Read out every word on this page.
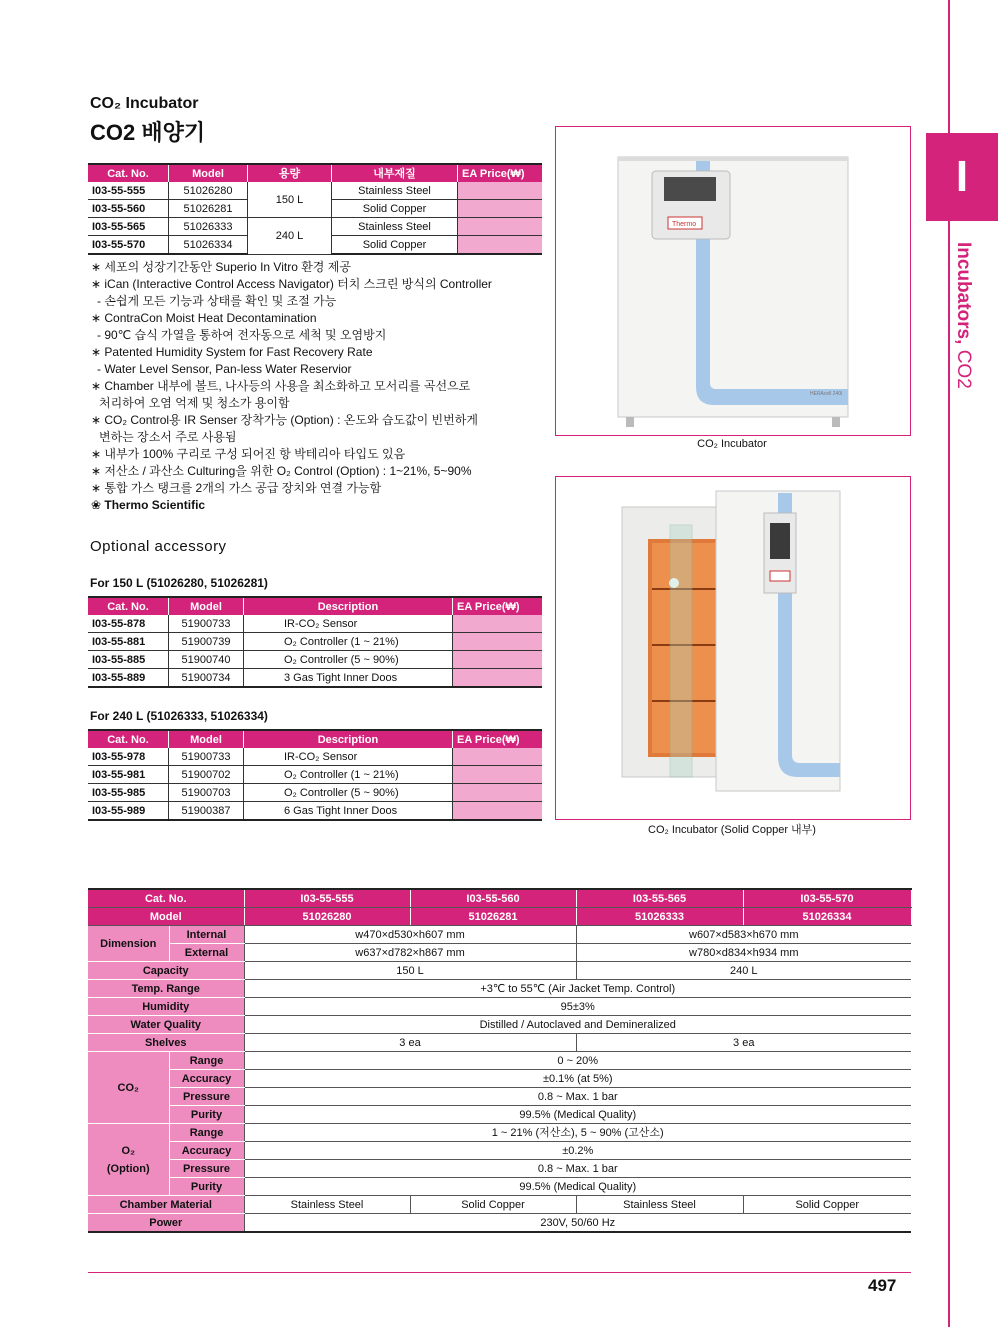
I
Incubators, CO2
CO₂ Incubator
CO2 배양기
Cat. No.	Model	용량	내부재질	EA Price(₩)
I03-55-555	51026280	150 L	Stainless Steel	
I03-55-560	51026281		Solid Copper	
I03-55-565	51026333	240 L	Stainless Steel	
I03-55-570	51026334		Solid Copper	
∗ 세포의 성장기간동안 Superio In Vitro 환경 제공
∗ iCan (Interactive Control Access Navigator) 터치 스크린 방식의 Controller
- 손쉽게 모든 기능과 상태를 확인 및 조절 가능
∗ ContraCon Moist Heat Decontamination
- 90℃ 습식 가열을 통하여 전자동으로 세척 및 오염방지
∗ Patented Humidity System for Fast Recovery Rate
- Water Level Sensor, Pan-less Water Reservior
∗ Chamber 내부에 볼트, 나사등의 사용을 최소화하고 모서리를 곡선으로
처리하여 오염 억제 및 청소가 용이함
∗ CO₂ Control용 IR Senser 장착가능 (Option) : 온도와 습도값이 빈번하게
변하는 장소서 주로 사용됨
∗ 내부가 100% 구리로 구성 되어진 항 박테리아 타입도 있음
∗ 저산소 / 과산소 Culturing을 위한 O₂ Control (Option) : 1~21%, 5~90%
∗ 통합 가스 탱크를 2개의 가스 공급 장치와 연결 가능함
❀ Thermo Scientific
Optional accessory
For 150 L (51026280, 51026281)
Cat. No.	Model	Description	EA Price(₩)
I03-55-878	51900733	IR-CO₂ Sensor	
I03-55-881	51900739	O₂ Controller (1 ~ 21%)	
I03-55-885	51900740	O₂ Controller (5 ~ 90%)	
I03-55-889	51900734	3 Gas Tight Inner Doos	
For 240 L (51026333, 51026334)
Cat. No.	Model	Description	EA Price(₩)
I03-55-978	51900733	IR-CO₂ Sensor	
I03-55-981	51900702	O₂ Controller (1 ~ 21%)	
I03-55-985	51900703	O₂ Controller (5 ~ 90%)	
I03-55-989	51900387	6 Gas Tight Inner Doos	
Thermo
HERAcell 240i
CO₂ Incubator
CO₂ Incubator (Solid Copper 내부)
Cat. No.		I03-55-555	I03-55-560	I03-55-565	I03-55-570
Model		51026280	51026281	51026333	51026334
Dimension	Internal	w470×d530×h607 mm		w607×d583×h670 mm	
	External	w637×d782×h867 mm		w780×d834×h934 mm	
Capacity		150 L		240 L	
Temp. Range		+3℃ to 55℃ (Air Jacket Temp. Control)			
Humidity		95±3%			
Water Quality		Distilled / Autoclaved and Demineralized			
Shelves		3 ea		3 ea	
CO₂	Range	0 ~ 20%			
	Accuracy	±0.1% (at 5%)			
	Pressure	0.8 ~ Max. 1 bar			
	Purity	99.5% (Medical Quality)			

O₂
(Option)	Range	1 ~ 21% (저산소), 5 ~ 90% (고산소)			
	Accuracy	±0.2%			
	Pressure	0.8 ~ Max. 1 bar			
	Purity	99.5% (Medical Quality)			
Chamber Material		Stainless Steel	Solid Copper	Stainless Steel	Solid Copper
Power		230V, 50/60 Hz			
497
